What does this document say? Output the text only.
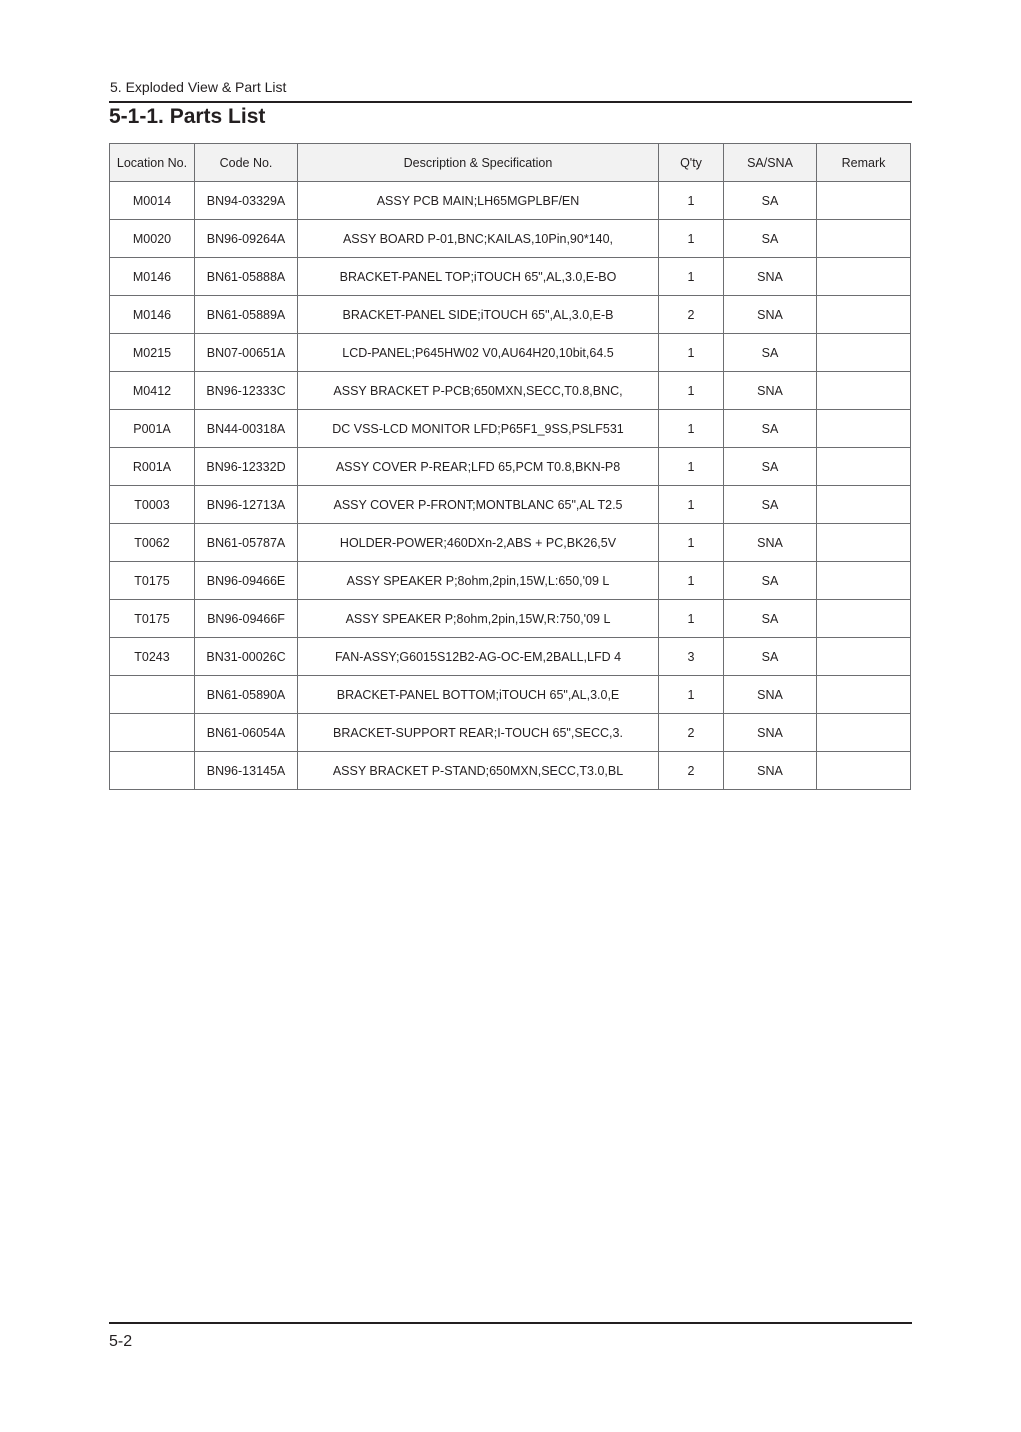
5. Exploded View & Part List
5-1-1. Parts List
Location No.	Code No.	Description & Specification	Q'ty	SA/SNA	Remark
M0014	BN94-03329A	ASSY PCB MAIN;LH65MGPLBF/EN	1	SA	
M0020	BN96-09264A	ASSY BOARD P-01,BNC;KAILAS,10Pin,90*140,	1	SA	
M0146	BN61-05888A	BRACKET-PANEL TOP;iTOUCH 65",AL,3.0,E-BO	1	SNA	
M0146	BN61-05889A	BRACKET-PANEL SIDE;iTOUCH 65",AL,3.0,E-B	2	SNA	
M0215	BN07-00651A	LCD-PANEL;P645HW02 V0,AU64H20,10bit,64.5	1	SA	
M0412	BN96-12333C	ASSY BRACKET P-PCB;650MXN,SECC,T0.8,BNC,	1	SNA	
P001A	BN44-00318A	DC VSS-LCD MONITOR LFD;P65F1_9SS,PSLF531	1	SA	
R001A	BN96-12332D	ASSY COVER P-REAR;LFD 65,PCM T0.8,BKN-P8	1	SA	
T0003	BN96-12713A	ASSY COVER P-FRONT;MONTBLANC 65",AL T2.5	1	SA	
T0062	BN61-05787A	HOLDER-POWER;460DXn-2,ABS + PC,BK26,5V	1	SNA	
T0175	BN96-09466E	ASSY SPEAKER P;8ohm,2pin,15W,L:650,'09 L	1	SA	
T0175	BN96-09466F	ASSY SPEAKER P;8ohm,2pin,15W,R:750,'09 L	1	SA	
T0243	BN31-00026C	FAN-ASSY;G6015S12B2-AG-OC-EM,2BALL,LFD 4	3	SA	
	BN61-05890A	BRACKET-PANEL BOTTOM;iTOUCH 65",AL,3.0,E	1	SNA	
	BN61-06054A	BRACKET-SUPPORT REAR;I-TOUCH 65",SECC,3.	2	SNA	
	BN96-13145A	ASSY BRACKET P-STAND;650MXN,SECC,T3.0,BL	2	SNA	
5-2
